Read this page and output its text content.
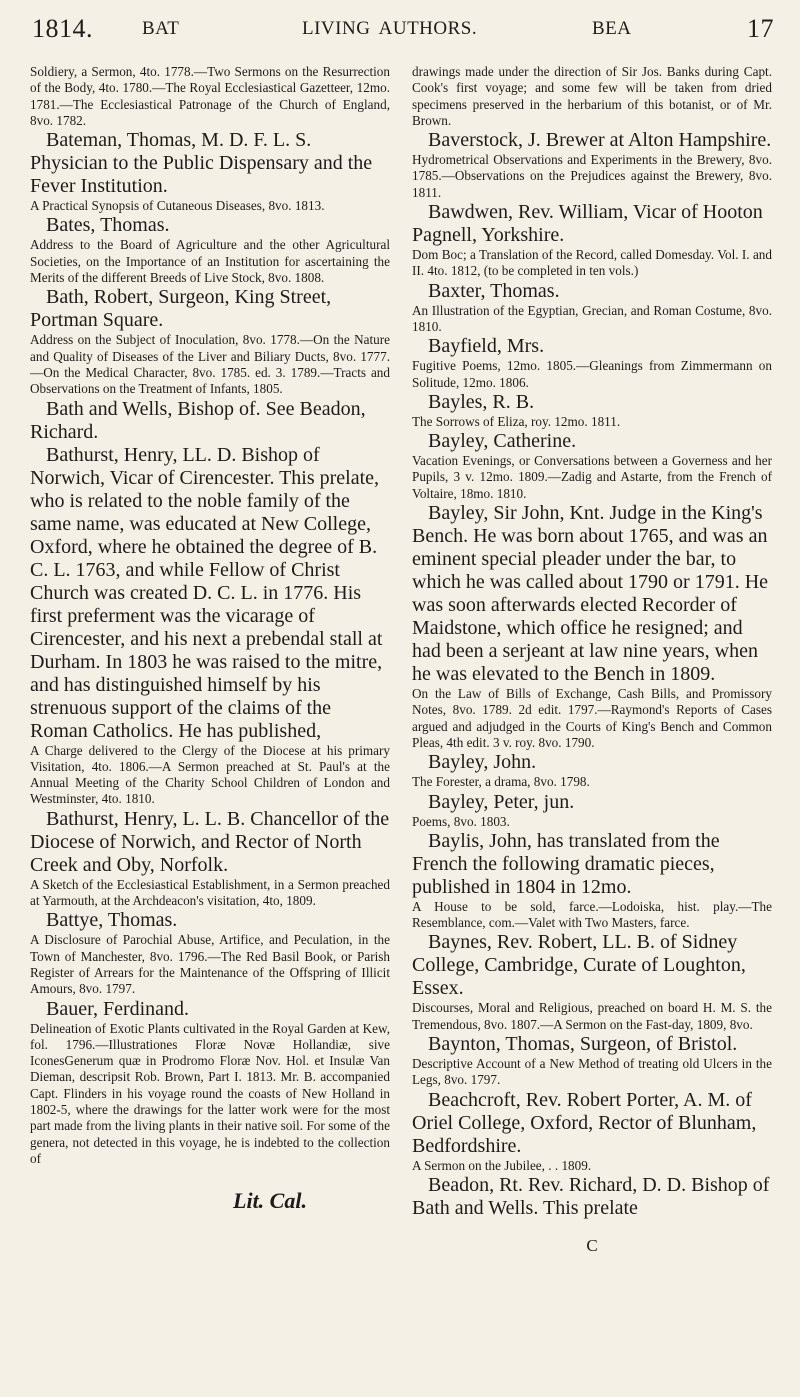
1814.	BAT	LIVING AUTHORS.	BEA	17

Soldiery, a Sermon, 4to. 1778.—Two Sermons on the Resurrection of the Body, 4to. 1780.—The Royal Ecclesiastical Gazetteer, 12mo. 1781.—The Ecclesiastical Patronage of the Church of England, 8vo. 1782.

Bateman, Thomas, M. D. F. L. S. Physician to the Public Dispensary and the Fever Institution.

A Practical Synopsis of Cutaneous Diseases, 8vo. 1813.

Bates, Thomas.

Address to the Board of Agriculture and the other Agricultural Societies, on the Importance of an Institution for ascertaining the Merits of the different Breeds of Live Stock, 8vo. 1808.

Bath, Robert, Surgeon, King Street, Portman Square.

Address on the Subject of Inoculation, 8vo. 1778.—On the Nature and Quality of Diseases of the Liver and Biliary Ducts, 8vo. 1777.—On the Medical Character, 8vo. 1785. ed. 3. 1789.—Tracts and Observations on the Treatment of Infants, 1805.

Bath and Wells, Bishop of. See Beadon, Richard.

Bathurst, Henry, LL. D. Bishop of Norwich, Vicar of Cirencester. This prelate, who is related to the noble family of the same name, was educated at New College, Oxford, where he obtained the degree of B. C. L. 1763, and while Fellow of Christ Church was created D. C. L. in 1776. His first preferment was the vicarage of Cirencester, and his next a prebendal stall at Durham. In 1803 he was raised to the mitre, and has distinguished himself by his strenuous support of the claims of the Roman Catholics. He has published,

A Charge delivered to the Clergy of the Diocese at his primary Visitation, 4to. 1806.—A Sermon preached at St. Paul's at the Annual Meeting of the Charity School Children of London and Westminster, 4to. 1810.

Bathurst, Henry, L. L. B. Chancellor of the Diocese of Norwich, and Rector of North Creek and Oby, Norfolk.

A Sketch of the Ecclesiastical Establishment, in a Sermon preached at Yarmouth, at the Archdeacon's visitation, 4to, 1809.

Battye, Thomas.

A Disclosure of Parochial Abuse, Artifice, and Peculation, in the Town of Manchester, 8vo. 1796.—The Red Basil Book, or Parish Register of Arrears for the Maintenance of the Offspring of Illicit Amours, 8vo. 1797.

Bauer, Ferdinand.

Delineation of Exotic Plants cultivated in the Royal Garden at Kew, fol. 1796.—Illustrationes Floræ Novæ Hollandiæ, sive IconesGenerum quæ in Prodromo Floræ Nov. Hol. et Insulæ Van Dieman, descripsit Rob. Brown, Part I. 1813. Mr. B. accompanied Capt. Flinders in his voyage round the coasts of New Holland in 1802-5, where the drawings for the latter work were for the most part made from the living plants in their native soil. For some of the genera, not detected in this voyage, he is indebted to the collection of

Lit. Cal.

drawings made under the direction of Sir Jos. Banks during Capt. Cook's first voyage; and some few will be taken from dried specimens preserved in the herbarium of this botanist, or of Mr. Brown.

Baverstock, J. Brewer at Alton Hampshire.

Hydrometrical Observations and Experiments in the Brewery, 8vo. 1785.—Observations on the Prejudices against the Brewery, 8vo. 1811.

Bawdwen, Rev. William, Vicar of Hooton Pagnell, Yorkshire.

Dom Boc; a Translation of the Record, called Domesday. Vol. I. and II. 4to. 1812, (to be completed in ten vols.)

Baxter, Thomas.

An Illustration of the Egyptian, Grecian, and Roman Costume, 8vo. 1810.

Bayfield, Mrs.

Fugitive Poems, 12mo. 1805.—Gleanings from Zimmermann on Solitude, 12mo. 1806.

Bayles, R. B.

The Sorrows of Eliza, roy. 12mo. 1811.

Bayley, Catherine.

Vacation Evenings, or Conversations between a Governess and her Pupils, 3 v. 12mo. 1809.—Zadig and Astarte, from the French of Voltaire, 18mo. 1810.

Bayley, Sir John, Knt. Judge in the King's Bench. He was born about 1765, and was an eminent special pleader under the bar, to which he was called about 1790 or 1791. He was soon afterwards elected Recorder of Maidstone, which office he resigned; and had been a serjeant at law nine years, when he was elevated to the Bench in 1809.

On the Law of Bills of Exchange, Cash Bills, and Promissory Notes, 8vo. 1789. 2d edit. 1797.—Raymond's Reports of Cases argued and adjudged in the Courts of King's Bench and Common Pleas, 4th edit. 3 v. roy. 8vo. 1790.

Bayley, John.

The Forester, a drama, 8vo. 1798.

Bayley, Peter, jun.

Poems, 8vo. 1803.

Baylis, John, has translated from the French the following dramatic pieces, published in 1804 in 12mo.

A House to be sold, farce.—Lodoiska, hist. play.—The Resemblance, com.—Valet with Two Masters, farce.

Baynes, Rev. Robert, LL. B. of Sidney College, Cambridge, Curate of Loughton, Essex.

Discourses, Moral and Religious, preached on board H. M. S. the Tremendous, 8vo. 1807.—A Sermon on the Fast-day, 1809, 8vo.

Baynton, Thomas, Surgeon, of Bristol.

Descriptive Account of a New Method of treating old Ulcers in the Legs, 8vo. 1797.

Beachcroft, Rev. Robert Porter, A. M. of Oriel College, Oxford, Rector of Blunham, Bedfordshire.

A Sermon on the Jubilee, . . 1809.

Beadon, Rt. Rev. Richard, D. D. Bishop of Bath and Wells. This prelate

C
